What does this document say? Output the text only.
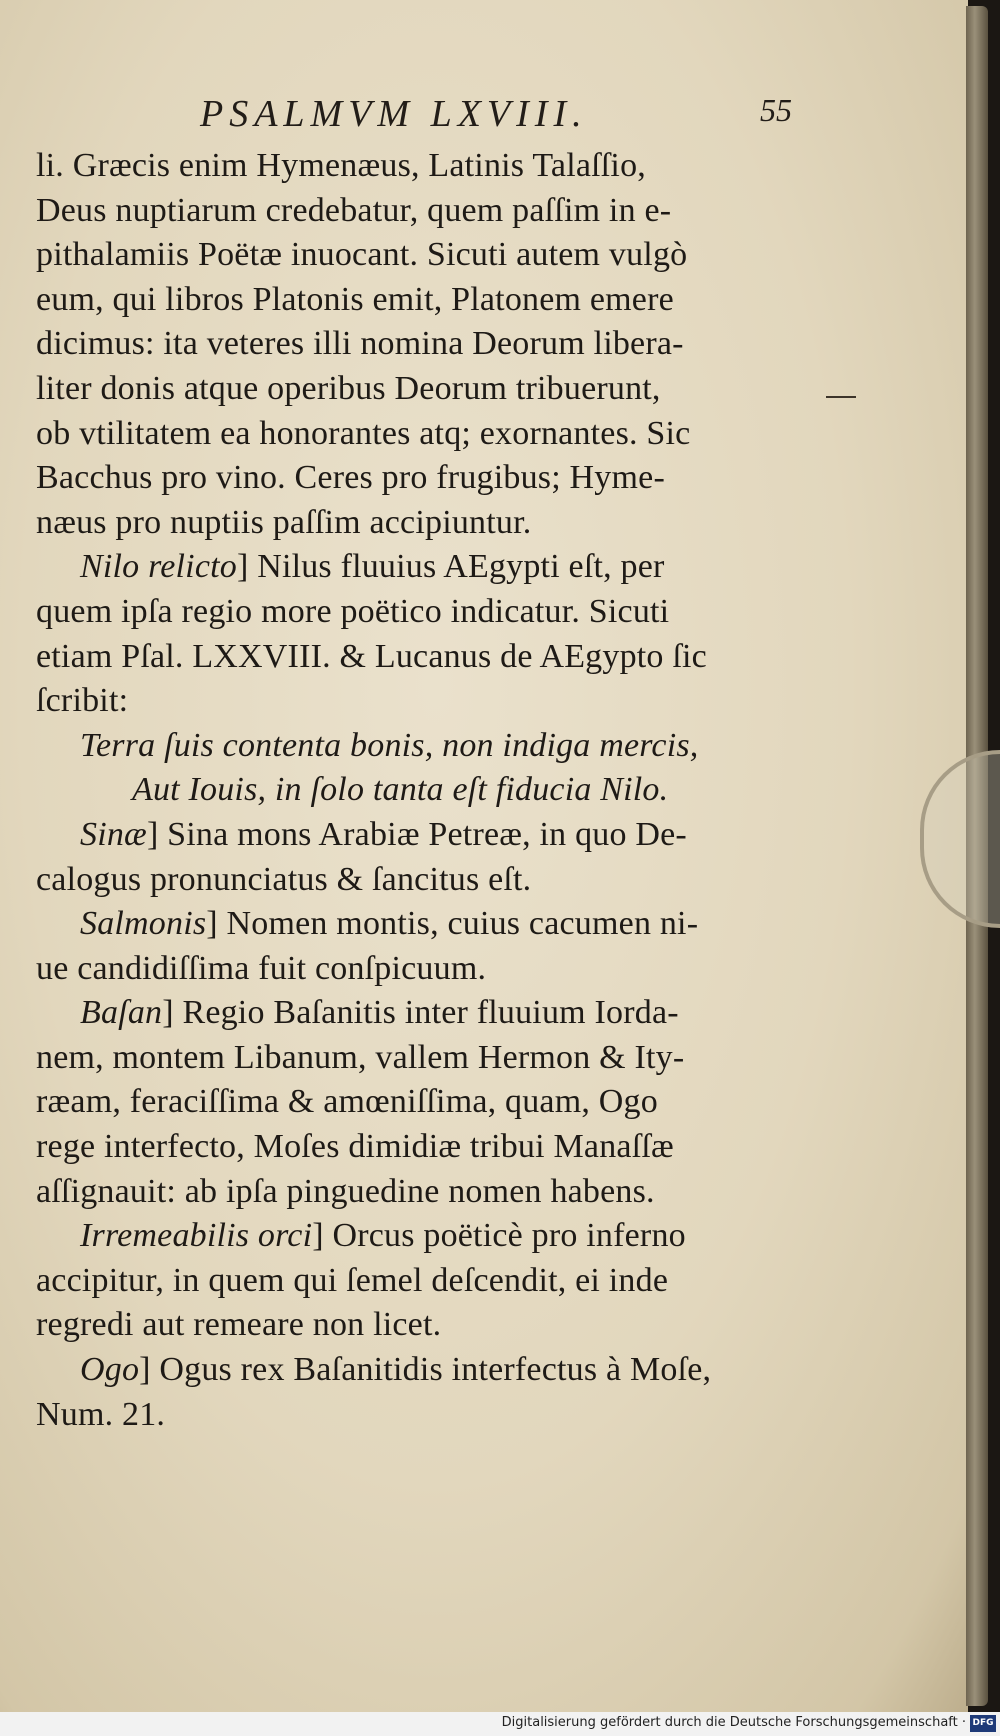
PSALMVM LXVIII.	55
li. Græcis enim Hymenæus, Latinis Talaſſio,
Deus nuptiarum credebatur, quem paſſim in e-
pithalamiis Poëtæ inuocant. Sicuti autem vulgò
eum, qui libros Platonis emit, Platonem emere
dicimus: ita veteres illi nomina Deorum libera-
liter donis atque operibus Deorum tribuerunt,
ob vtilitatem ea honorantes atq; exornantes. Sic
Bacchus pro vino. Ceres pro frugibus; Hyme-
næus pro nuptiis paſſim accipiuntur.
Nilo relicto] Nilus fluuius AEgypti eſt, per
quem ipſa regio more poëtico indicatur. Sicuti
etiam Pſal. LXXVIII. & Lucanus de AEgypto ſic
ſcribit:
Terra ſuis contenta bonis, non indiga mercis,
Aut Iouis, in ſolo tanta eſt fiducia Nilo.
Sinæ] Sina mons Arabiæ Petreæ, in quo De-
calogus pronunciatus & ſancitus eſt.
Salmonis] Nomen montis, cuius cacumen ni-
ue candidiſſima fuit conſpicuum.
Baſan] Regio Baſanitis inter fluuium Iorda-
nem, montem Libanum, vallem Hermon & Ity-
ræam, feraciſſima & amœniſſima, quam, Ogo
rege interfecto, Moſes dimidiæ tribui Manaſſæ
aſſignauit: ab ipſa pinguedine nomen habens.
Irremeabilis orci] Orcus poëticè pro inferno
accipitur, in quem qui ſemel deſcendit, ei inde
regredi aut remeare non licet.
Ogo] Ogus rex Baſanitidis interfectus à Moſe,
Num. 21.
Digitalisierung gefördert durch die Deutsche Forschungsgemeinschaft · DFG
